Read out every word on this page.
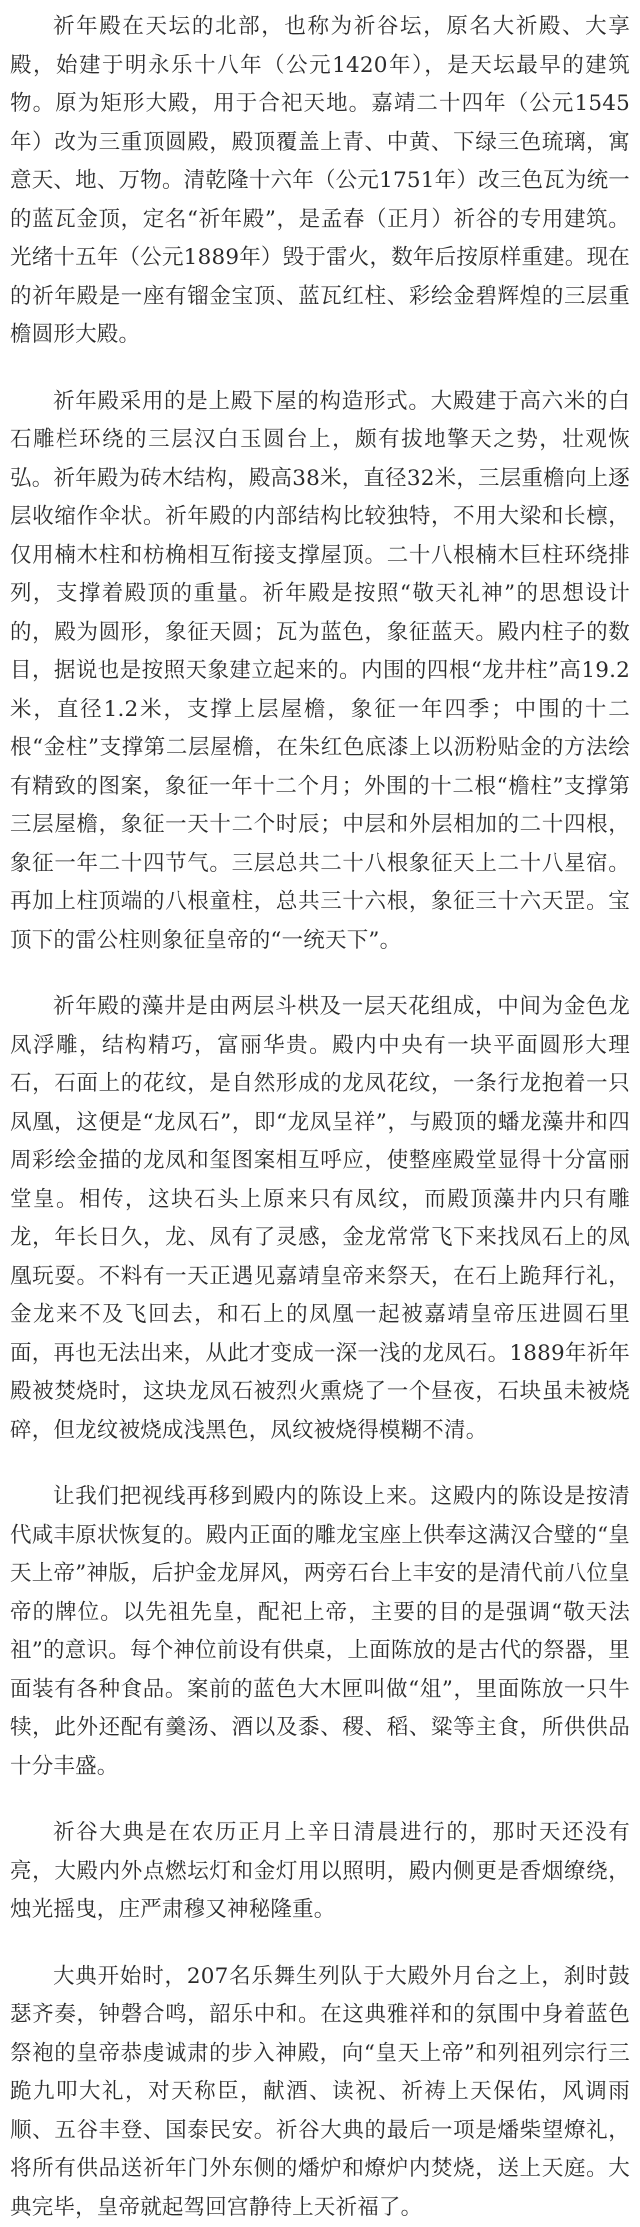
祈年殿在天坛的北部，也称为祈谷坛，原名大祈殿、大享殿，始建于明永乐十八年（公元1420年），是天坛最早的建筑物。原为矩形大殿，用于合祀天地。嘉靖二十四年（公元1545年）改为三重顶圆殿，殿顶覆盖上青、中黄、下绿三色琉璃，寓意天、地、万物。清乾隆十六年（公元1751年）改三色瓦为统一的蓝瓦金顶，定名“祈年殿”，是孟春（正月）祈谷的专用建筑。光绪十五年（公元1889年）毁于雷火，数年后按原样重建。现在的祈年殿是一座有镏金宝顶、蓝瓦红柱、彩绘金碧辉煌的三层重檐圆形大殿。

祈年殿采用的是上殿下屋的构造形式。大殿建于高六米的白石雕栏环绕的三层汉白玉圆台上，颇有拔地擎天之势，壮观恢弘。祈年殿为砖木结构，殿高38米，直径32米，三层重檐向上逐层收缩作伞状。祈年殿的内部结构比较独特，不用大梁和长檩，仅用楠木柱和枋桷相互衔接支撑屋顶。二十八根楠木巨柱环绕排列，支撑着殿顶的重量。祈年殿是按照“敬天礼神”的思想设计的，殿为圆形，象征天圆；瓦为蓝色，象征蓝天。殿内柱子的数目，据说也是按照天象建立起来的。内围的四根“龙井柱”高19.2米，直径1.2米，支撑上层屋檐，象征一年四季；中围的十二根“金柱”支撑第二层屋檐，在朱红色底漆上以沥粉贴金的方法绘有精致的图案，象征一年十二个月；外围的十二根“檐柱”支撑第三层屋檐，象征一天十二个时辰；中层和外层相加的二十四根，象征一年二十四节气。三层总共二十八根象征天上二十八星宿。再加上柱顶端的八根童柱，总共三十六根，象征三十六天罡。宝顶下的雷公柱则象征皇帝的“一统天下”。

祈年殿的藻井是由两层斗栱及一层天花组成，中间为金色龙凤浮雕，结构精巧，富丽华贵。殿内中央有一块平面圆形大理石，石面上的花纹，是自然形成的龙凤花纹，一条行龙抱着一只凤凰，这便是“龙凤石”，即“龙凤呈祥”，与殿顶的蟠龙藻井和四周彩绘金描的龙凤和玺图案相互呼应，使整座殿堂显得十分富丽堂皇。相传，这块石头上原来只有凤纹，而殿顶藻井内只有雕龙，年长日久，龙、凤有了灵感，金龙常常飞下来找凤石上的凤凰玩耍。不料有一天正遇见嘉靖皇帝来祭天，在石上跪拜行礼，金龙来不及飞回去，和石上的凤凰一起被嘉靖皇帝压进圆石里面，再也无法出来，从此才变成一深一浅的龙凤石。1889年祈年殿被焚烧时，这块龙凤石被烈火熏烧了一个昼夜，石块虽未被烧碎，但龙纹被烧成浅黑色，凤纹被烧得模糊不清。

让我们把视线再移到殿内的陈设上来。这殿内的陈设是按清代咸丰原状恢复的。殿内正面的雕龙宝座上供奉这满汉合璧的“皇天上帝”神版，后护金龙屏风，两旁石台上丰安的是清代前八位皇帝的牌位。以先祖先皇，配祀上帝，主要的目的是强调“敬天法祖”的意识。每个神位前设有供桌，上面陈放的是古代的祭器，里面装有各种食品。案前的蓝色大木匣叫做“俎”，里面陈放一只牛犊，此外还配有羹汤、酒以及黍、稷、稻、粱等主食，所供供品十分丰盛。

祈谷大典是在农历正月上辛日清晨进行的，那时天还没有亮，大殿内外点燃坛灯和金灯用以照明，殿内侧更是香烟缭绕，烛光摇曳，庄严肃穆又神秘隆重。

大典开始时，207名乐舞生列队于大殿外月台之上，刹时鼓瑟齐奏，钟磬合鸣，韶乐中和。在这典雅祥和的氛围中身着蓝色祭袍的皇帝恭虔诚肃的步入神殿，向“皇天上帝”和列祖列宗行三跪九叩大礼，对天称臣，献酒、读祝、祈祷上天保佑，风调雨顺、五谷丰登、国泰民安。祈谷大典的最后一项是燔柴望燎礼，将所有供品送祈年门外东侧的燔炉和燎炉内焚烧，送上天庭。大典完毕，皇帝就起驾回宫静待上天祈福了。
